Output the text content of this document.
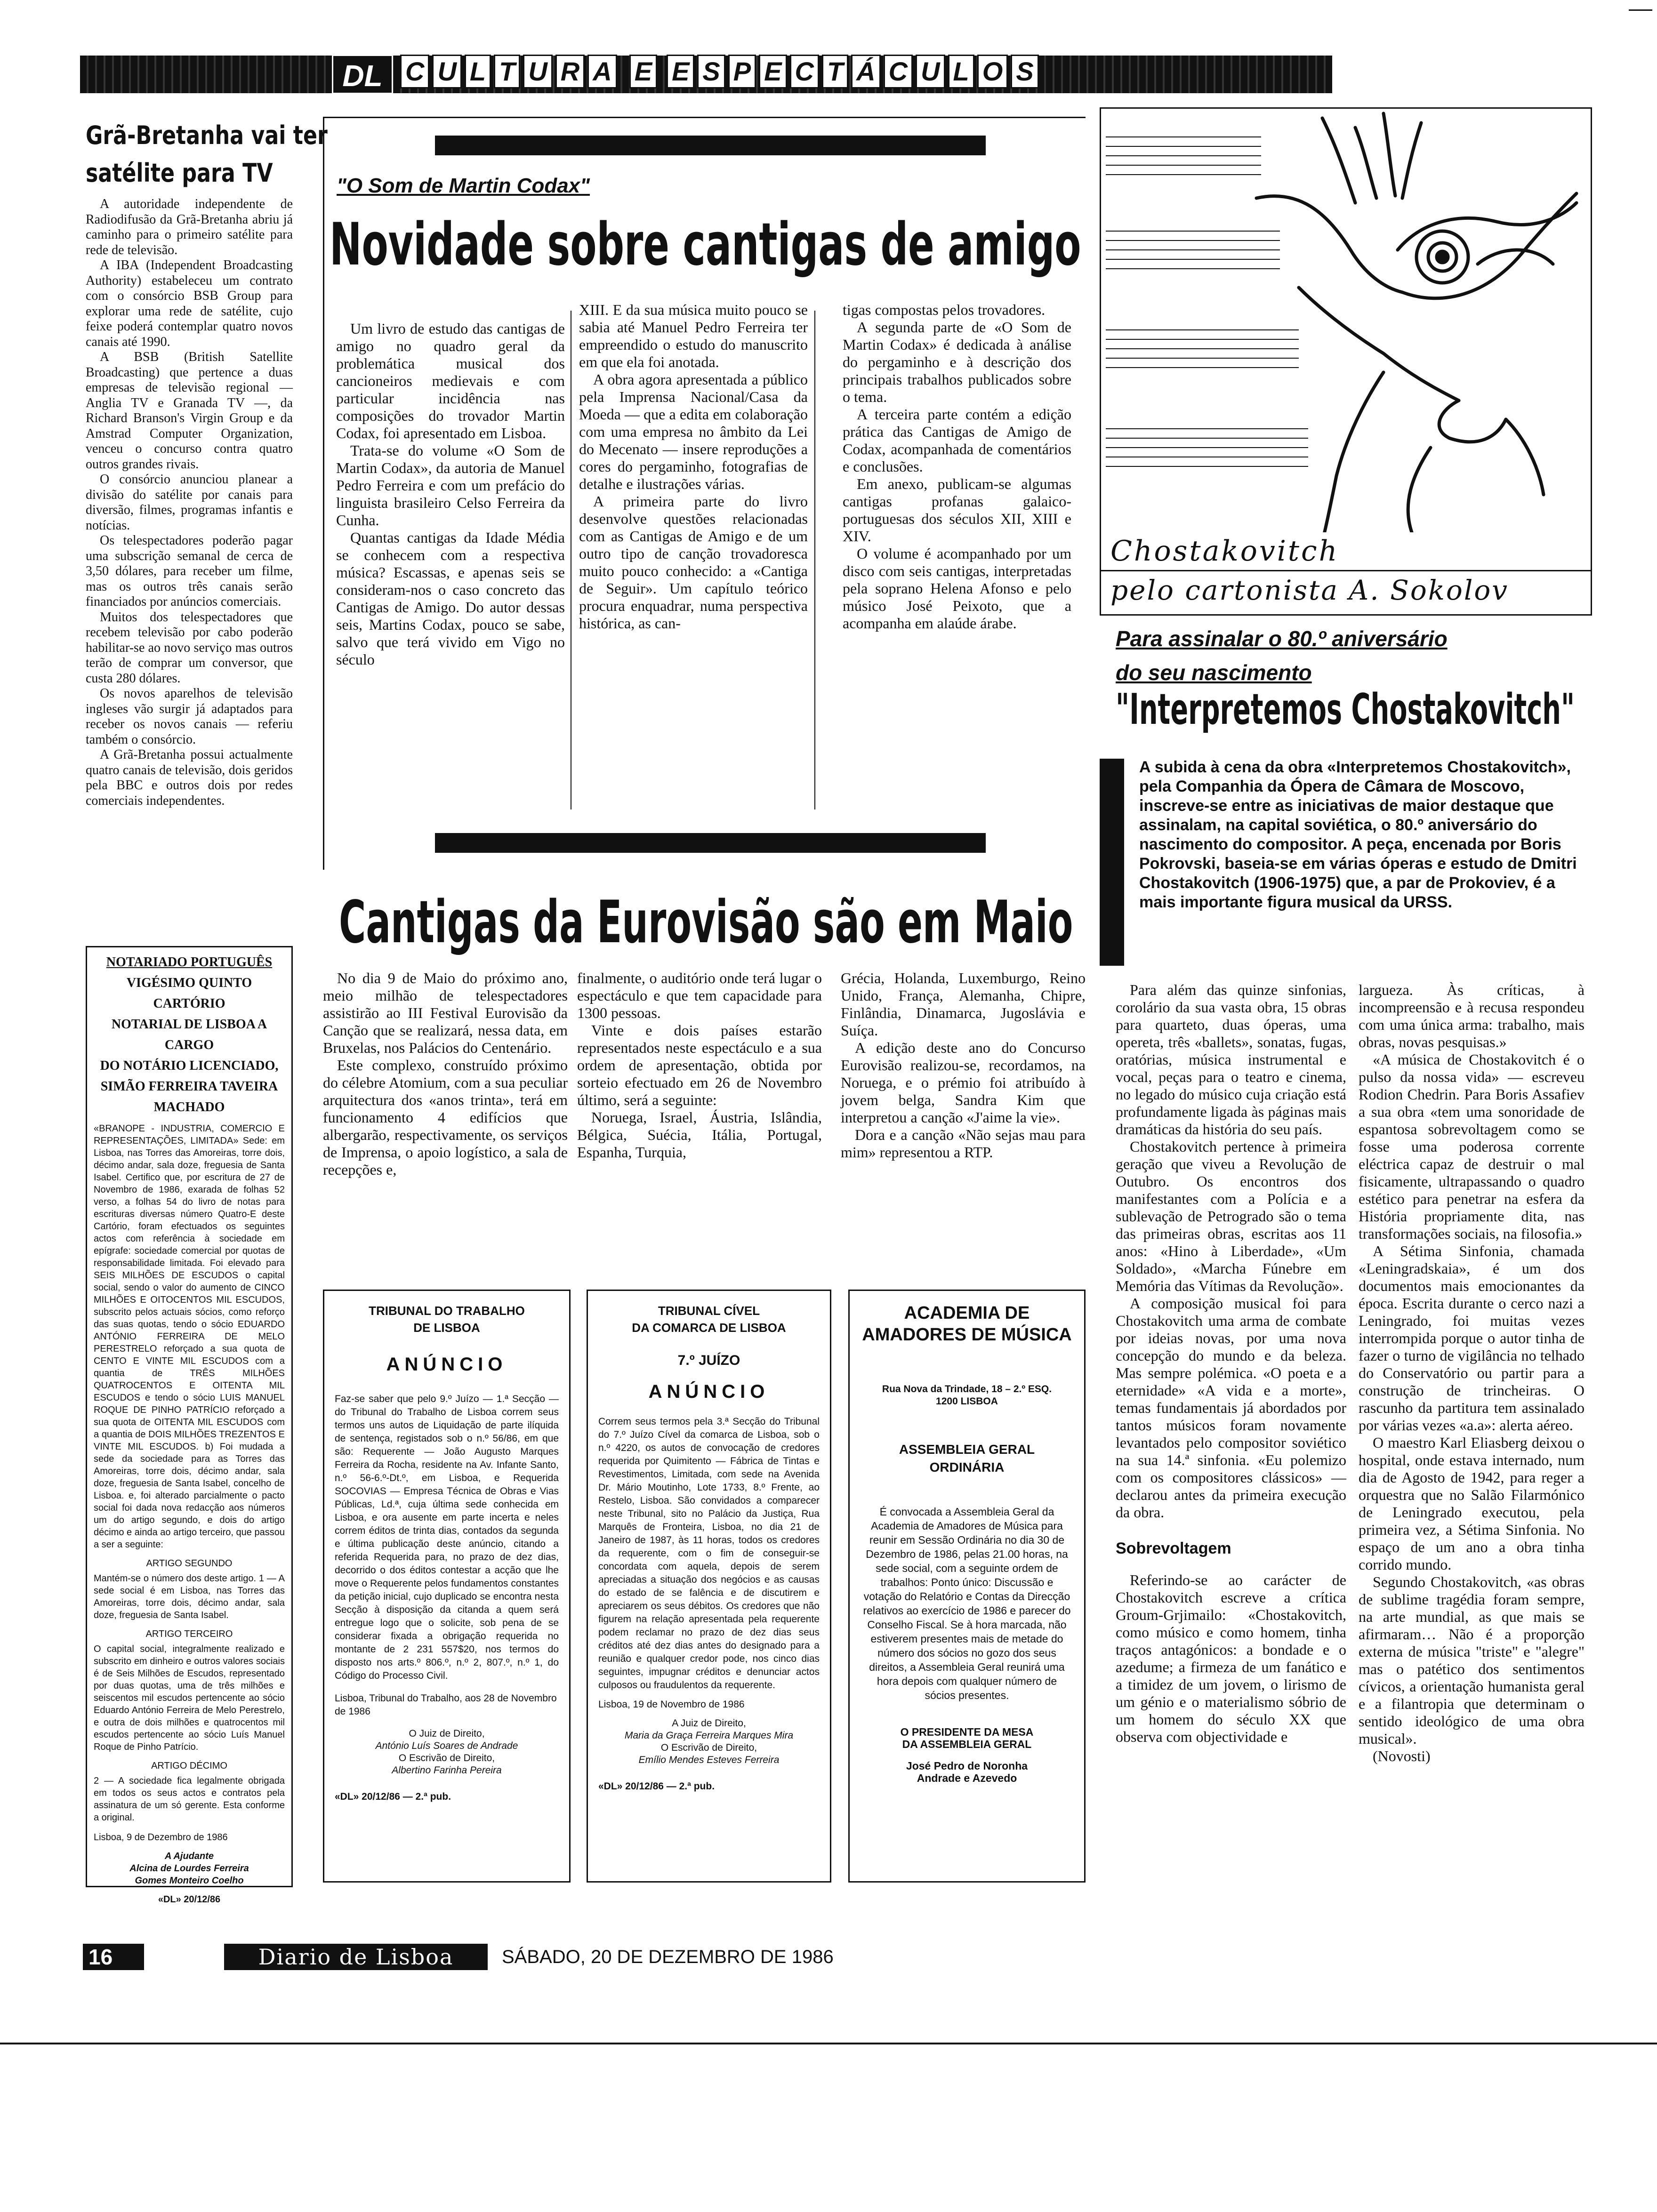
DL C U L T U R A E E S P E C T Á C U L O S
Grã-Bretanha vai ter
satélite para TV

A autoridade independente de Radiodifusão da Grã-Bretanha abriu já caminho para o primeiro satélite para rede de televisão.

A IBA (Independent Broadcasting Authority) estabeleceu um contrato com o consórcio BSB Group para explorar uma rede de satélite, cujo feixe poderá contemplar quatro novos canais até 1990.

A BSB (British Satellite Broadcasting) que pertence a duas empresas de televisão regional — Anglia TV e Granada TV —, da Richard Branson's Virgin Group e da Amstrad Computer Organization, venceu o concurso contra quatro outros grandes rivais.

O consórcio anunciou planear a divisão do satélite por canais para diversão, filmes, programas infantis e notícias.

Os telespectadores poderão pagar uma subscrição semanal de cerca de 3,50 dólares, para receber um filme, mas os outros três canais serão financiados por anúncios comerciais.

Muitos dos telespectadores que recebem televisão por cabo poderão habilitar-se ao novo serviço mas outros terão de comprar um conversor, que custa 280 dólares.

Os novos aparelhos de televisão ingleses vão surgir já adaptados para receber os novos canais — referiu também o consórcio.

A Grã-Bretanha possui actualmente quatro canais de televisão, dois geridos pela BBC e outros dois por redes comerciais independentes.

NOTARIADO PORTUGUÊS
VIGÉSIMO QUINTO CARTÓRIO
NOTARIAL DE LISBOA A CARGO
DO NOTÁRIO LICENCIADO,
SIMÃO FERREIRA TAVEIRA
MACHADO
«BRANOPE - INDUSTRIA, COMERCIO E REPRESENTAÇÕES, LIMITADA» Sede: em Lisboa, nas Torres das Amoreiras, torre dois, décimo andar, sala doze, freguesia de Santa Isabel. Certifico que, por escritura de 27 de Novembro de 1986, exarada de folhas 52 verso, a folhas 54 do livro de notas para escrituras diversas número Quatro-E deste Cartório, foram efectuados os seguintes actos com referência à sociedade em epígrafe: sociedade comercial por quotas de responsabilidade limitada. Foi elevado para SEIS MILHÕES DE ESCUDOS o capital social, sendo o valor do aumento de CINCO MILHÕES E OITOCENTOS MIL ESCUDOS, subscrito pelos actuais sócios, como reforço das suas quotas, tendo o sócio EDUARDO ANTÓNIO FERREIRA DE MELO PERESTRELO reforçado a sua quota de CENTO E VINTE MIL ESCUDOS com a quantia de TRÊS MILHÕES QUATROCENTOS E OITENTA MIL ESCUDOS e tendo o sócio LUIS MANUEL ROQUE DE PINHO PATRÍCIO reforçado a sua quota de OITENTA MIL ESCUDOS com a quantia de DOIS MILHÕES TREZENTOS E VINTE MIL ESCUDOS. b) Foi mudada a sede da sociedade para as Torres das Amoreiras, torre dois, décimo andar, sala doze, freguesia de Santa Isabel, concelho de Lisboa. e, foi alterado parcialmente o pacto social foi dada nova redacção aos números um do artigo segundo, e dois do artigo décimo e ainda ao artigo terceiro, que passou a ser a seguinte:
ARTIGO SEGUNDO
Mantém-se o número dos deste artigo. 1 — A sede social é em Lisboa, nas Torres das Amoreiras, torre dois, décimo andar, sala doze, freguesia de Santa Isabel.
ARTIGO TERCEIRO
O capital social, integralmente realizado e subscrito em dinheiro e outros valores sociais é de Seis Milhões de Escudos, representado por duas quotas, uma de três milhões e seiscentos mil escudos pertencente ao sócio Eduardo António Ferreira de Melo Perestrelo, e outra de dois milhões e quatrocentos mil escudos pertencente ao sócio Luís Manuel Roque de Pinho Patrício.
ARTIGO DÉCIMO
2 — A sociedade fica legalmente obrigada em todos os seus actos e contratos pela assinatura de um só gerente. Esta conforme a original.
Lisboa, 9 de Dezembro de 1986
A Ajudante
Alcina de Lourdes Ferreira
Gomes Monteiro Coelho
«DL» 20/12/86
"O Som de Martin Codax"
Novidade sobre cantigas de amigo

Um livro de estudo das cantigas de amigo no quadro geral da problemática musical dos cancioneiros medievais e com particular incidência nas composições do trovador Martin Codax, foi apresentado em Lisboa.

Trata-se do volume «O Som de Martin Codax», da autoria de Manuel Pedro Ferreira e com um prefácio do linguista brasileiro Celso Ferreira da Cunha.

Quantas cantigas da Idade Média se conhecem com a respectiva música? Escassas, e apenas seis se consideram-nos o caso concreto das Cantigas de Amigo. Do autor dessas seis, Martins Codax, pouco se sabe, salvo que terá vivido em Vigo no século

XIII. E da sua música muito pouco se sabia até Manuel Pedro Ferreira ter empreendido o estudo do manuscrito em que ela foi anotada.

A obra agora apresentada a público pela Imprensa Nacional/Casa da Moeda — que a edita em colaboração com uma empresa no âmbito da Lei do Mecenato — insere reproduções a cores do pergaminho, fotografias de detalhe e ilustrações várias.

A primeira parte do livro desenvolve questões relacionadas com as Cantigas de Amigo e de um outro tipo de canção trovadoresca muito pouco conhecido: a «Cantiga de Seguir». Um capítulo teórico procura enquadrar, numa perspectiva histórica, as can-

tigas compostas pelos trovadores.

A segunda parte de «O Som de Martin Codax» é dedicada à análise do pergaminho e à descrição dos principais trabalhos publicados sobre o tema.

A terceira parte contém a edição prática das Cantigas de Amigo de Codax, acompanhada de comentários e conclusões.

Em anexo, publicam-se algumas cantigas profanas galaico-portuguesas dos séculos XII, XIII e XIV.

O volume é acompanhado por um disco com seis cantigas, interpretadas pela soprano Helena Afonso e pelo músico José Peixoto, que a acompanha em alaúde árabe.

Cantigas da Eurovisão são em Maio

No dia 9 de Maio do próximo ano, meio milhão de telespectadores assistirão ao III Festival Eurovisão da Canção que se realizará, nessa data, em Bruxelas, nos Palácios do Centenário.

Este complexo, construído próximo do célebre Atomium, com a sua peculiar arquitectura dos «anos trinta», terá em funcionamento 4 edifícios que albergarão, respectivamente, os serviços de Imprensa, o apoio logístico, a sala de recepções e,

finalmente, o auditório onde terá lugar o espectáculo e que tem capacidade para 1300 pessoas.

Vinte e dois países estarão representados neste espectáculo e a sua ordem de apresentação, obtida por sorteio efectuado em 26 de Novembro último, será a seguinte:

Noruega, Israel, Áustria, Islândia, Bélgica, Suécia, Itália, Portugal, Espanha, Turquia,

Grécia, Holanda, Luxemburgo, Reino Unido, França, Alemanha, Chipre, Finlândia, Dinamarca, Jugoslávia e Suíça.

A edição deste ano do Concurso Eurovisão realizou-se, recordamos, na Noruega, e o prémio foi atribuído à jovem belga, Sandra Kim que interpretou a canção «J'aime la vie».

Dora e a canção «Não sejas mau para mim» representou a RTP.

TRIBUNAL DO TRABALHO
DE LISBOA
ANÚNCIO
Faz-se saber que pelo 9.º Juízo — 1.ª Secção — do Tribunal do Trabalho de Lisboa correm seus termos uns autos de Liquidação de parte ilíquida de sentença, registados sob o n.º 56/86, em que são: Requerente — João Augusto Marques Ferreira da Rocha, residente na Av. Infante Santo, n.º 56-6.º-Dt.º, em Lisboa, e Requerida SOCOVIAS — Empresa Técnica de Obras e Vias Públicas, Ld.ª, cuja última sede conhecida em Lisboa, e ora ausente em parte incerta e neles correm éditos de trinta dias, contados da segunda e última publicação deste anúncio, citando a referida Requerida para, no prazo de dez dias, decorrido o dos éditos contestar a acção que lhe move o Requerente pelos fundamentos constantes da petição inicial, cujo duplicado se encontra nesta Secção à disposição da citanda a quem será entregue logo que o solicite, sob pena de se considerar fixada a obrigação requerida no montante de 2 231 557$20, nos termos do disposto nos arts.º 806.º, n.º 2, 807.º, n.º 1, do Código do Processo Civil.
Lisboa, Tribunal do Trabalho, aos 28 de Novembro de 1986
O Juiz de Direito,
António Luís Soares de Andrade
O Escrivão de Direito,
Albertino Farinha Pereira
«DL» 20/12/86 — 2.ª pub.
TRIBUNAL CÍVEL
DA COMARCA DE LISBOA
7.º JUÍZO
ANÚNCIO
Correm seus termos pela 3.ª Secção do Tribunal do 7.º Juízo Cível da comarca de Lisboa, sob o n.º 4220, os autos de convocação de credores requerida por Quimitento — Fábrica de Tintas e Revestimentos, Limitada, com sede na Avenida Dr. Mário Moutinho, Lote 1733, 8.º Frente, ao Restelo, Lisboa. São convidados a comparecer neste Tribunal, sito no Palácio da Justiça, Rua Marquês de Fronteira, Lisboa, no dia 21 de Janeiro de 1987, às 11 horas, todos os credores da requerente, com o fim de conseguir-se concordata com aquela, depois de serem apreciadas a situação dos negócios e as causas do estado de se falência e de discutirem e apreciarem os seus débitos. Os credores que não figurem na relação apresentada pela requerente podem reclamar no prazo de dez dias seus créditos até dez dias antes do designado para a reunião e qualquer credor pode, nos cinco dias seguintes, impugnar créditos e denunciar actos culposos ou fraudulentos da requerente.
Lisboa, 19 de Novembro de 1986
A Juiz de Direito,
Maria da Graça Ferreira Marques Mira
O Escrivão de Direito,
Emílio Mendes Esteves Ferreira
«DL» 20/12/86 — 2.ª pub.
ACADEMIA DE
AMADORES DE MÚSICA
Rua Nova da Trindade, 18 – 2.º ESQ.
1200 LISBOA
ASSEMBLEIA GERAL
ORDINÁRIA
É convocada a Assembleia Geral da Academia de Amadores de Música para reunir em Sessão Ordinária no dia 30 de Dezembro de 1986, pelas 21.00 horas, na sede social, com a seguinte ordem de trabalhos: Ponto único: Discussão e votação do Relatório e Contas da Direcção relativos ao exercício de 1986 e parecer do Conselho Fiscal. Se à hora marcada, não estiverem presentes mais de metade do número dos sócios no gozo dos seus direitos, a Assembleia Geral reunirá uma hora depois com qualquer número de sócios presentes.
O PRESIDENTE DA MESA
DA ASSEMBLEIA GERAL
José Pedro de Noronha
Andrade e Azevedo
Chostakovitch
pelo cartonista A. Sokolov
Para assinalar o 80.º aniversário
do seu nascimento
"Interpretemos Chostakovitch"
A subida à cena da obra «Interpretemos Chostakovitch», pela Companhia da Ópera de Câmara de Moscovo, inscreve-se entre as iniciativas de maior destaque que assinalam, na capital soviética, o 80.º aniversário do nascimento do compositor. A peça, encenada por Boris Pokrovski, baseia-se em várias óperas e estudo de Dmitri Chostakovitch (1906-1975) que, a par de Prokoviev, é a mais importante figura musical da URSS.

Para além das quinze sinfonias, corolário da sua vasta obra, 15 obras para quarteto, duas óperas, uma opereta, três «ballets», sonatas, fugas, oratórias, música instrumental e vocal, peças para o teatro e cinema, no legado do músico cuja criação está profundamente ligada às páginas mais dramáticas da história do seu país.

Chostakovitch pertence à primeira geração que viveu a Revolução de Outubro. Os encontros dos manifestantes com a Polícia e a sublevação de Petrogrado são o tema das primeiras obras, escritas aos 11 anos: «Hino à Liberdade», «Um Soldado», «Marcha Fúnebre em Memória das Vítimas da Revolução».

A composição musical foi para Chostakovitch uma arma de combate por ideias novas, por uma nova concepção do mundo e da beleza. Mas sempre polémica. «O poeta e a eternidade» «A vida e a morte», temas fundamentais já abordados por tantos músicos foram novamente levantados pelo compositor soviético na sua 14.ª sinfonia. «Eu polemizo com os compositores clássicos» — declarou antes da primeira execução da obra.

Sobrevoltagem

Referindo-se ao carácter de Chostakovitch escreve a crítica Groum-Grjimailo: «Chostakovitch, como músico e como homem, tinha traços antagónicos: a bondade e o azedume; a firmeza de um fanático e a timidez de um jovem, o lirismo de um génio e o materialismo sóbrio de um homem do século XX que observa com objectividade e

largueza. Às críticas, à incompreensão e à recusa respondeu com uma única arma: trabalho, mais obras, novas pesquisas.»

«A música de Chostakovitch é o pulso da nossa vida» — escreveu Rodion Chedrin. Para Boris Assafiev a sua obra «tem uma sonoridade de espantosa sobrevoltagem como se fosse uma poderosa corrente eléctrica capaz de destruir o mal fisicamente, ultrapassando o quadro estético para penetrar na esfera da História propriamente dita, nas transformações sociais, na filosofia.»

A Sétima Sinfonia, chamada «Leningradskaia», é um dos documentos mais emocionantes da época. Escrita durante o cerco nazi a Leningrado, foi muitas vezes interrompida porque o autor tinha de fazer o turno de vigilância no telhado do Conservatório ou partir para a construção de trincheiras. O rascunho da partitura tem assinalado por várias vezes «a.a»: alerta aéreo.

O maestro Karl Eliasberg deixou o hospital, onde estava internado, num dia de Agosto de 1942, para reger a orquestra que no Salão Filarmónico de Leningrado executou, pela primeira vez, a Sétima Sinfonia. No espaço de um ano a obra tinha corrido mundo.

Segundo Chostakovitch, «as obras de sublime tragédia foram sempre, na arte mundial, as que mais se afirmaram… Não é a proporção externa de música "triste" e "alegre" mas o patético dos sentimentos cívicos, a orientação humanista geral e a filantropia que determinam o sentido ideológico de uma obra musical».

(Novosti)

16	Diario de Lisboa	SÁBADO, 20 DE DEZEMBRO DE 1986
